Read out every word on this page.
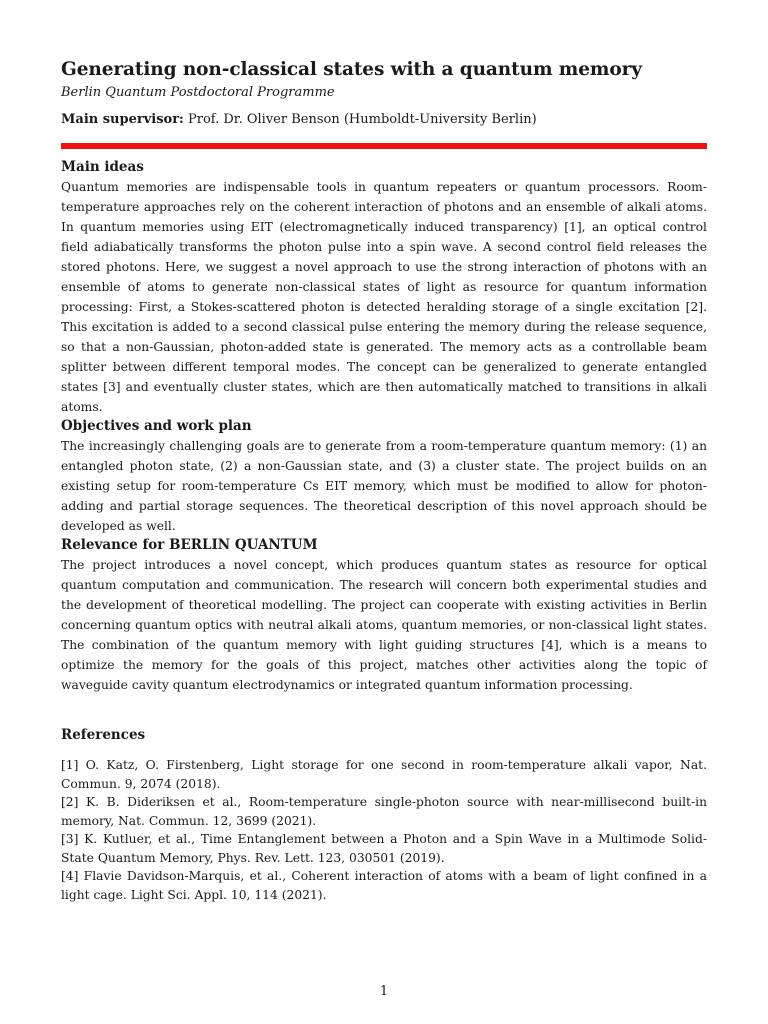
Generating non-classical states with a quantum memory
Berlin Quantum Postdoctoral Programme
Main supervisor: Prof. Dr. Oliver Benson (Humboldt-University Berlin)
Main ideas

Quantum memories are indispensable tools in quantum repeaters or quantum processors. Room-temperature approaches rely on the coherent interaction of photons and an ensemble of alkali atoms. In quantum memories using EIT (electromagnetically induced transparency) [1], an optical control field adiabatically transforms the photon pulse into a spin wave. A second control field releases the stored photons. Here, we suggest a novel approach to use the strong interaction of photons with an ensemble of atoms to generate non-classical states of light as resource for quantum information processing: First, a Stokes-scattered photon is detected heralding storage of a single excitation [2]. This excitation is added to a second classical pulse entering the memory during the release sequence, so that a non-Gaussian, photon-added state is generated. The memory acts as a controllable beam splitter between different temporal modes. The concept can be generalized to generate entangled states [3] and eventually cluster states, which are then automatically matched to transitions in alkali atoms.

Objectives and work plan

The increasingly challenging goals are to generate from a room-temperature quantum memory: (1) an entangled photon state, (2) a non-Gaussian state, and (3) a cluster state. The project builds on an existing setup for room-temperature Cs EIT memory, which must be modified to allow for photon-adding and partial storage sequences. The theoretical description of this novel approach should be developed as well.

Relevance for BERLIN QUANTUM

The project introduces a novel concept, which produces quantum states as resource for optical quantum computation and communication. The research will concern both experimental studies and the development of theoretical modelling. The project can cooperate with existing activities in Berlin concerning quantum optics with neutral alkali atoms, quantum memories, or non-classical light states. The combination of the quantum memory with light guiding structures [4], which is a means to optimize the memory for the goals of this project, matches other activities along the topic of waveguide cavity quantum electrodynamics or integrated quantum information processing.

References

[1] O. Katz, O. Firstenberg, Light storage for one second in room-temperature alkali vapor, Nat. Commun. 9, 2074 (2018).

[2] K. B. Dideriksen et al., Room-temperature single-photon source with near-millisecond built-in memory, Nat. Commun. 12, 3699 (2021).

[3] K. Kutluer, et al., Time Entanglement between a Photon and a Spin Wave in a Multimode Solid-State Quantum Memory, Phys. Rev. Lett. 123, 030501 (2019).

[4] Flavie Davidson-Marquis, et al., Coherent interaction of atoms with a beam of light confined in a light cage. Light Sci. Appl. 10, 114 (2021).

1
